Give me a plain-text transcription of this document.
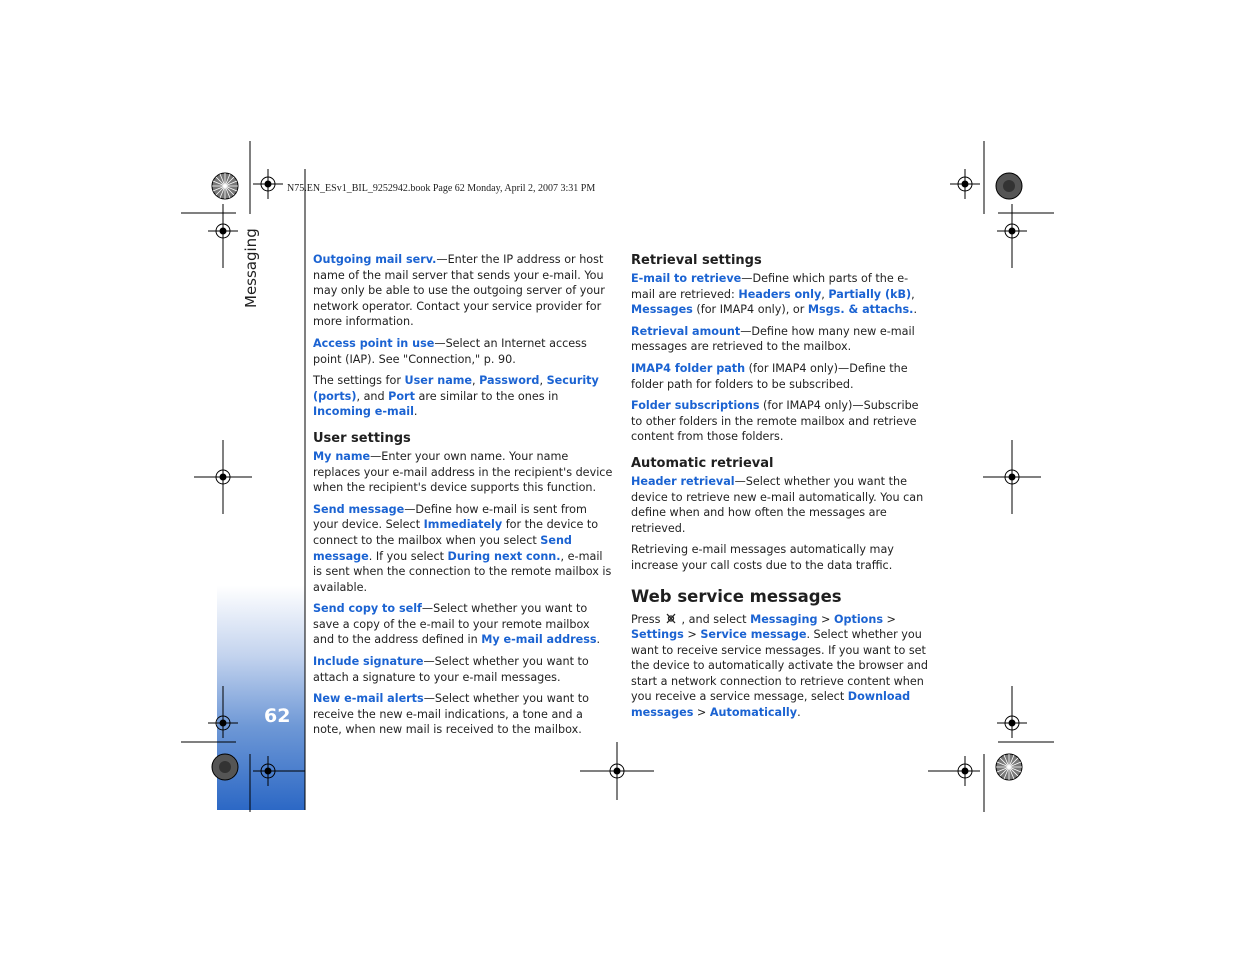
Messaging
62
N75.EN_ESv1_BIL_9252942.book Page 62 Monday, April 2, 2007 3:31 PM

Outgoing mail serv.—Enter the IP address or host name of the mail server that sends your e-mail. You may only be able to use the outgoing server of your network operator. Contact your service provider for more information.

Access point in use—Select an Internet access point (IAP). See "Connection," p. 90.

The settings for User name, Password, Security (ports), and Port are similar to the ones in Incoming e-mail.

User settings

My name—Enter your own name. Your name replaces your e-mail address in the recipient's device when the recipient's device supports this function.

Send message—Define how e-mail is sent from your device. Select Immediately for the device to connect to the mailbox when you select Send message. If you select During next conn., e-mail is sent when the connection to the remote mailbox is available.

Send copy to self—Select whether you want to save a copy of the e-mail to your remote mailbox and to the address defined in My e-mail address.

Include signature—Select whether you want to attach a signature to your e-mail messages.

New e-mail alerts—Select whether you want to receive the new e-mail indications, a tone and a note, when new mail is received to the mailbox.

Retrieval settings

E-mail to retrieve—Define which parts of the e-mail are retrieved: Headers only, Partially (kB), Messages (for IMAP4 only), or Msgs. & attachs..

Retrieval amount—Define how many new e-mail messages are retrieved to the mailbox.

IMAP4 folder path (for IMAP4 only)—Define the folder path for folders to be subscribed.

Folder subscriptions (for IMAP4 only)—Subscribe to other folders in the remote mailbox and retrieve content from those folders.

Automatic retrieval

Header retrieval—Select whether you want the device to retrieve new e-mail automatically. You can define when and how often the messages are retrieved.

Retrieving e-mail messages automatically may increase your call costs due to the data traffic.

Web service messages

Press  , and select Messaging > Options > Settings > Service message. Select whether you want to receive service messages. If you want to set the device to automatically activate the browser and start a network connection to retrieve content when you receive a service message, select Download messages > Automatically.
